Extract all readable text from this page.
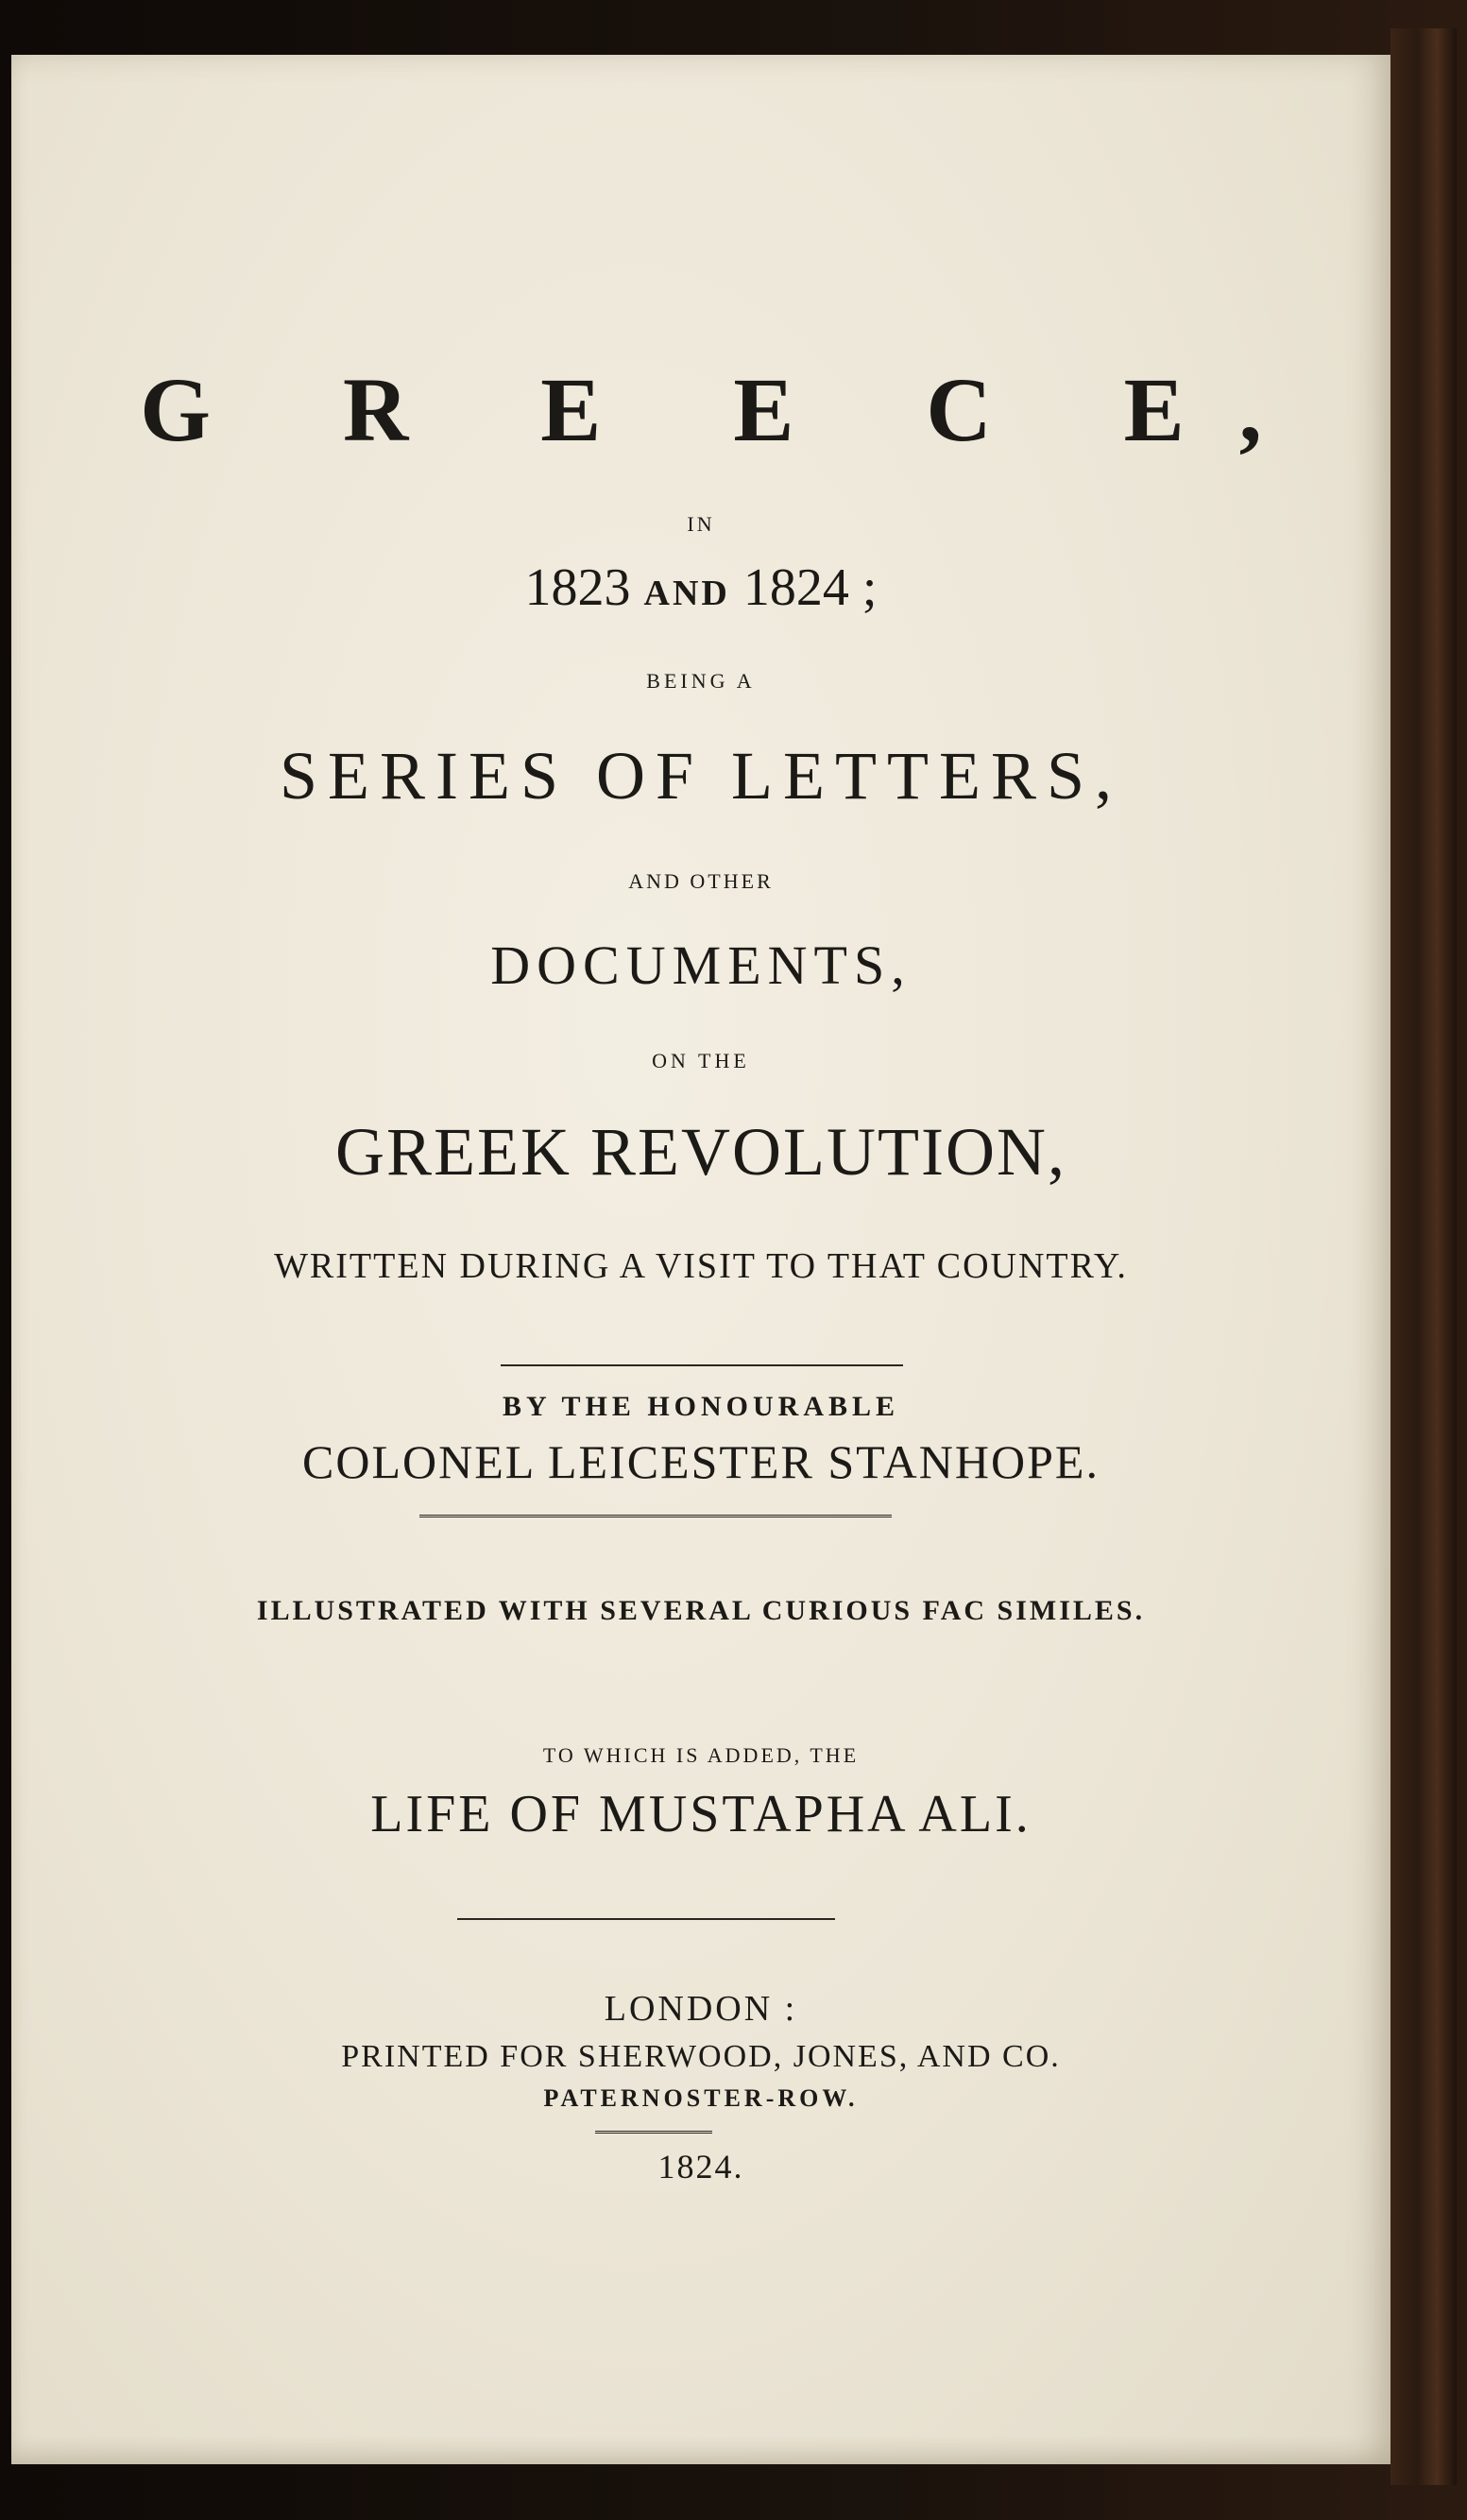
G R E E C E,
IN
1823 AND 1824 ;
BEING A
SERIES OF LETTERS,
AND OTHER
DOCUMENTS,
ON THE
GREEK REVOLUTION,
WRITTEN DURING A VISIT TO THAT COUNTRY.
BY THE HONOURABLE
COLONEL LEICESTER STANHOPE.
ILLUSTRATED WITH SEVERAL CURIOUS FAC SIMILES.
TO WHICH IS ADDED, THE
LIFE OF MUSTAPHA ALI.
LONDON :
PRINTED FOR SHERWOOD, JONES, AND CO.
PATERNOSTER-ROW.
1824.
